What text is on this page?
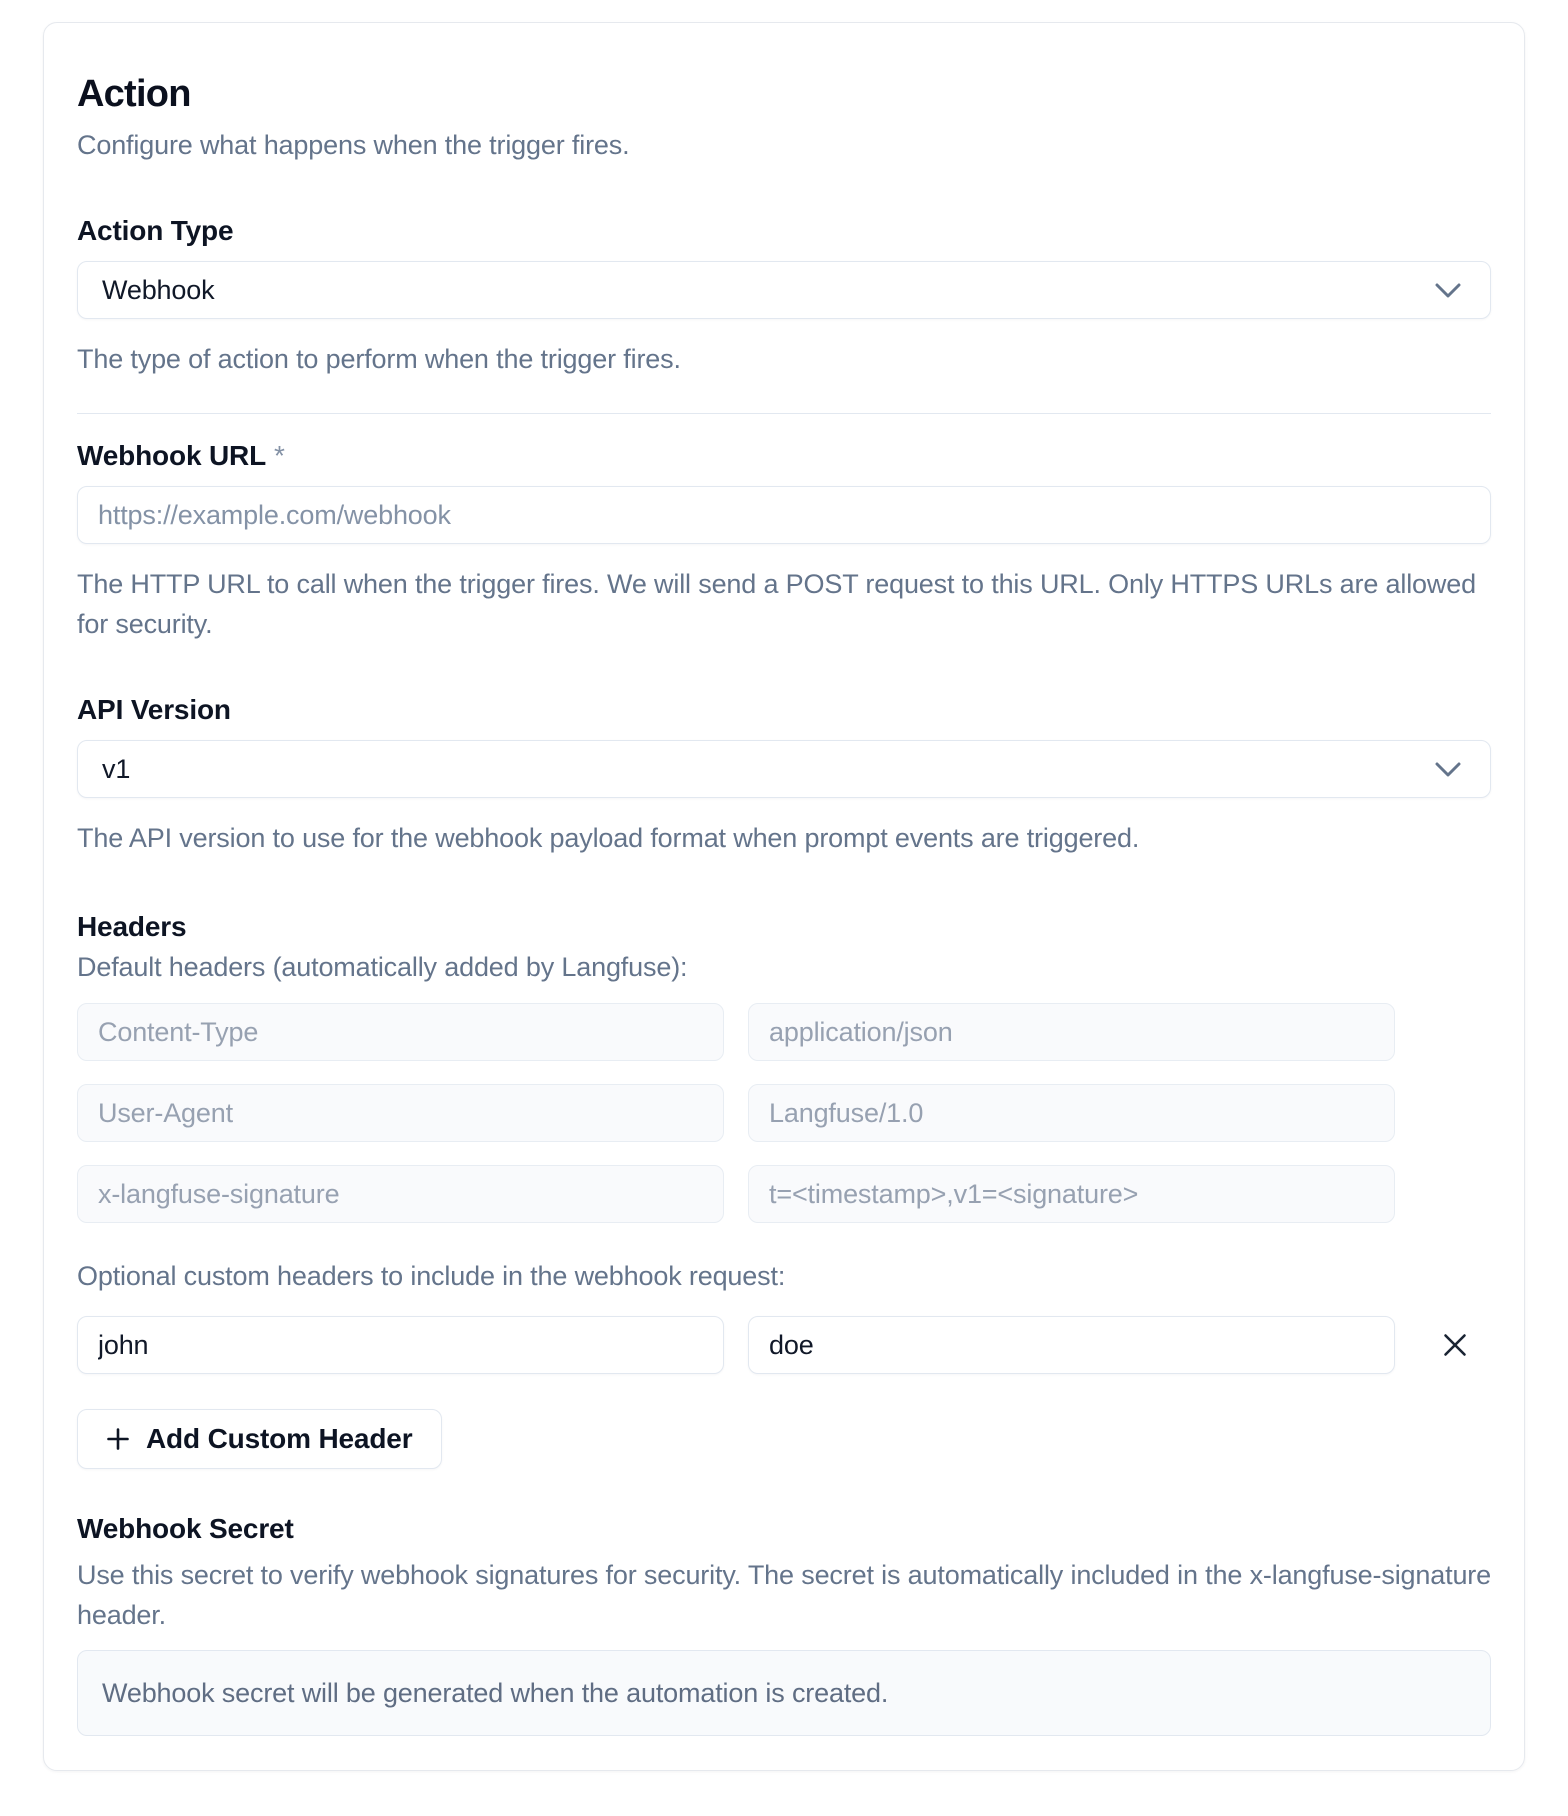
Action

Configure what happens when the trigger fires.

Action Type
Webhook

The type of action to perform when the trigger fires.

Webhook URL *
https://example.com/webhook

The HTTP URL to call when the trigger fires. We will send a POST request to this URL. Only HTTPS URLs are allowed for security.

API Version
v1

The API version to use for the webhook payload format when prompt events are triggered.

Headers

Default headers (automatically added by Langfuse):

Content-Type
application/json
User-Agent
Langfuse/1.0
x-langfuse-signature
t=<timestamp>,v1=<signature>

Optional custom headers to include in the webhook request:

john
doe
Add Custom Header
Webhook Secret

Use this secret to verify webhook signatures for security. The secret is automatically included in the x-langfuse-signature header.

Webhook secret will be generated when the automation is created.
